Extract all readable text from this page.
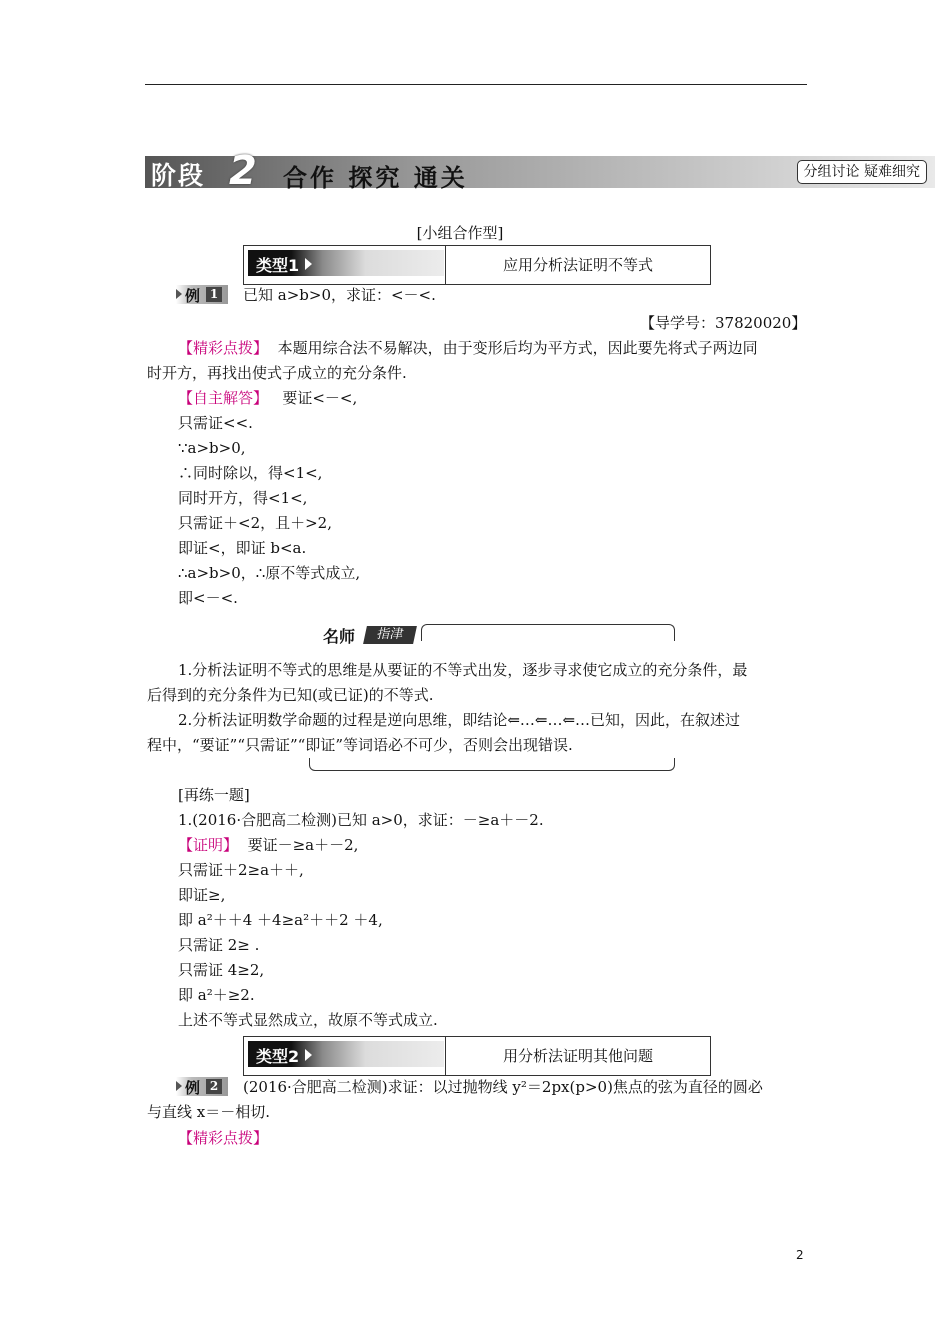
阶段 2 合作 探究 通关	分组讨论 疑难细究
[小组合作型]
类型1	应用分析法证明不等式
例 1 已知 a>b>0，求证：<－<.
【导学号：37820020】
【精彩点拨】 本题用综合法不易解决，由于变形后均为平方式，因此要先将式子两边同
时开方，再找出使式子成立的充分条件.
【自主解答】 要证<－<,
只需证<<.
∵a>b>0,
∴同时除以，得<1<,
同时开方，得<1<,
只需证＋<2，且＋>2,
即证<，即证 b<a.
∴a>b>0，∴原不等式成立,
即<－<.
名师	指津
1.分析法证明不等式的思维是从要证的不等式出发，逐步寻求使它成立的充分条件，最
后得到的充分条件为已知(或已证)的不等式.
2.分析法证明数学命题的过程是逆向思维，即结论⇐…⇐…⇐…已知，因此，在叙述过
程中，“要证”“只需证”“即证”等词语必不可少，否则会出现错误.
[再练一题]
1.(2016·合肥高二检测)已知 a>0，求证：－≥a＋－2.
【证明】 要证－≥a＋－2,
只需证＋2≥a＋＋,
即证≥,
即 a²＋＋4 ＋4≥a²＋＋2 ＋4,
只需证 2≥ .
只需证 4≥2,
即 a²＋≥2.
上述不等式显然成立，故原不等式成立.
类型2	用分析法证明其他问题
例 2 (2016·合肥高二检测)求证：以过抛物线 y²＝2px(p>0)焦点的弦为直径的圆必
与直线 x＝－相切.
【精彩点拨】
2
